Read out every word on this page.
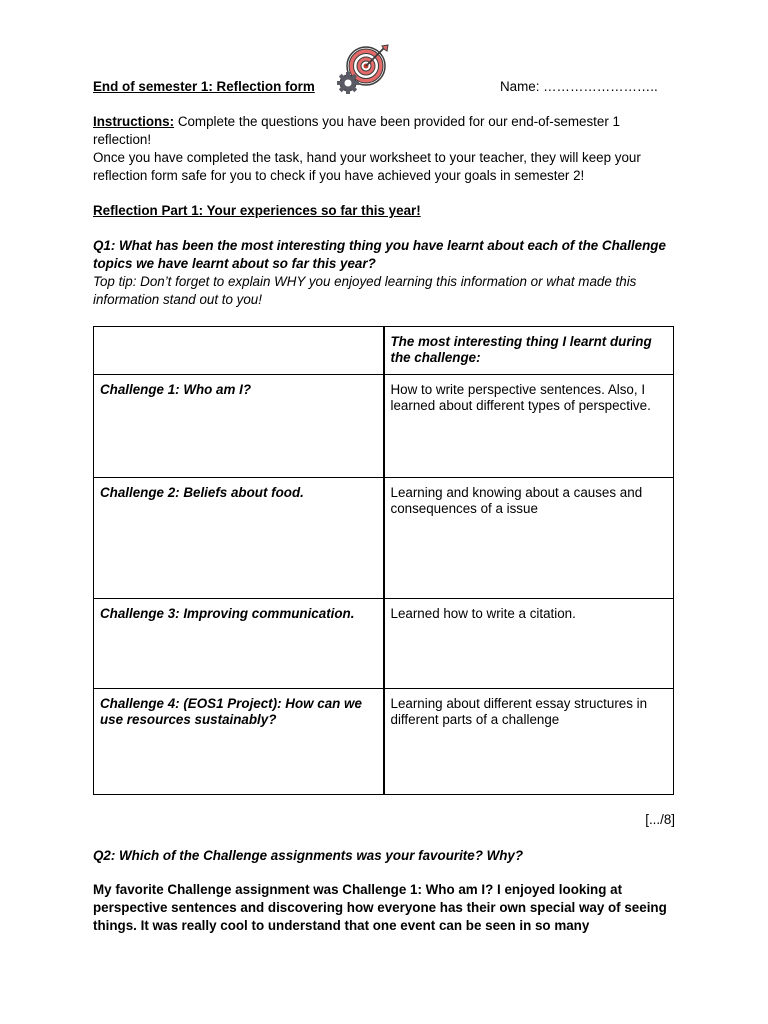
End of semester 1: Reflection form	Name: ……………………..
Instructions: Complete the questions you have been provided for our end-of-semester 1 reflection!
Once you have completed the task, hand your worksheet to your teacher, they will keep your reflection form safe for you to check if you have achieved your goals in semester 2!
Reflection Part 1: Your experiences so far this year!
Q1: What has been the most interesting thing you have learnt about each of the Challenge topics we have learnt about so far this year?
Top tip: Don’t forget to explain WHY you enjoyed learning this information or what made this information stand out to you!
	The most interesting thing I learnt during the challenge:
Challenge 1: Who am I?	How to write perspective sentences. Also, I learned about different types of perspective.
Challenge 2: Beliefs about food.	Learning and knowing about a causes and consequences of a issue
Challenge 3: Improving communication.	Learned how to write a citation.
Challenge 4: (EOS1 Project): How can we use resources sustainably?	Learning about different essay structures in different parts of a challenge
[.../8]
Q2: Which of the Challenge assignments was your favourite? Why?
My favorite Challenge assignment was Challenge 1: Who am I? I enjoyed looking at perspective sentences and discovering how everyone has their own special way of seeing things. It was really cool to understand that one event can be seen in so many
